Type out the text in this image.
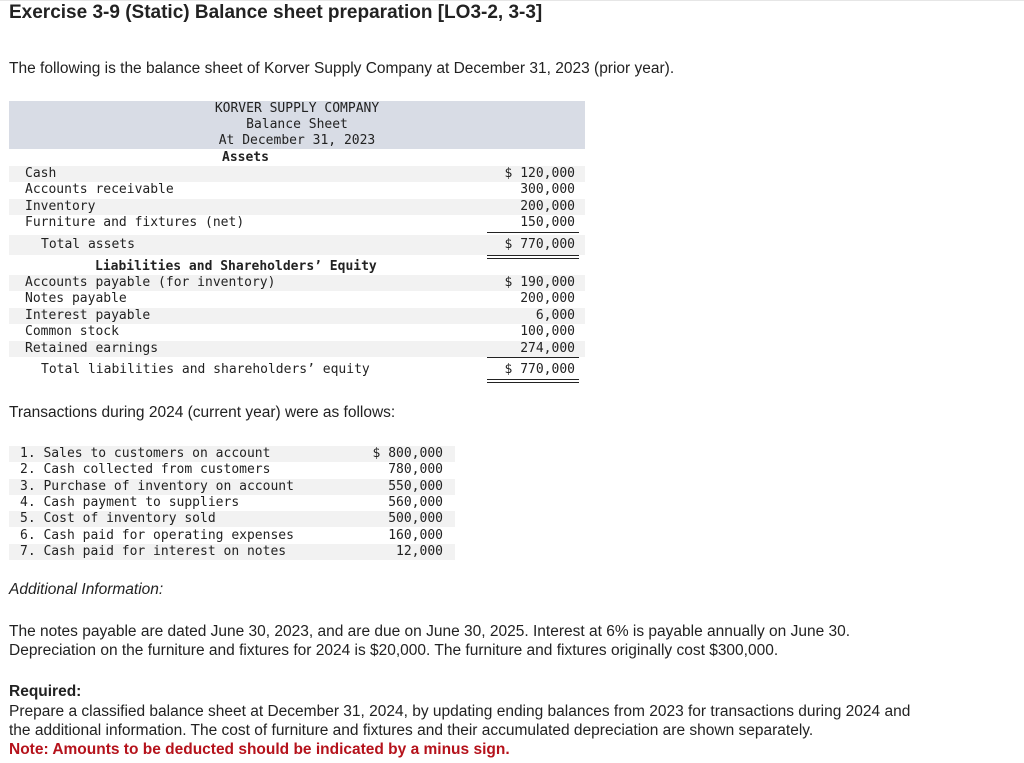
Exercise 3-9 (Static) Balance sheet preparation [LO3-2, 3-3]
The following is the balance sheet of Korver Supply Company at December 31, 2023 (prior year).
KORVER SUPPLY COMPANY
Balance Sheet
At December 31, 2023
Assets
Cash	$ 120,000
Accounts receivable	300,000
Inventory	200,000
Furniture and fixtures (net)	150,000
Total assets	$ 770,000
Liabilities and Shareholders’ Equity
Accounts payable (for inventory)	$ 190,000
Notes payable	200,000
Interest payable	6,000
Common stock	100,000
Retained earnings	274,000
Total liabilities and shareholders’ equity	$ 770,000
Transactions during 2024 (current year) were as follows:
1. Sales to customers on account	$ 800,000
2. Cash collected from customers	780,000
3. Purchase of inventory on account	550,000
4. Cash payment to suppliers	560,000
5. Cost of inventory sold	500,000
6. Cash paid for operating expenses	160,000
7. Cash paid for interest on notes	12,000
Additional Information:
The notes payable are dated June 30, 2023, and are due on June 30, 2025. Interest at 6% is payable annually on June 30.
Depreciation on the furniture and fixtures for 2024 is $20,000. The furniture and fixtures originally cost $300,000.
Required:
Prepare a classified balance sheet at December 31, 2024, by updating ending balances from 2023 for transactions during 2024 and
the additional information. The cost of furniture and fixtures and their accumulated depreciation are shown separately.
Note: Amounts to be deducted should be indicated by a minus sign.
